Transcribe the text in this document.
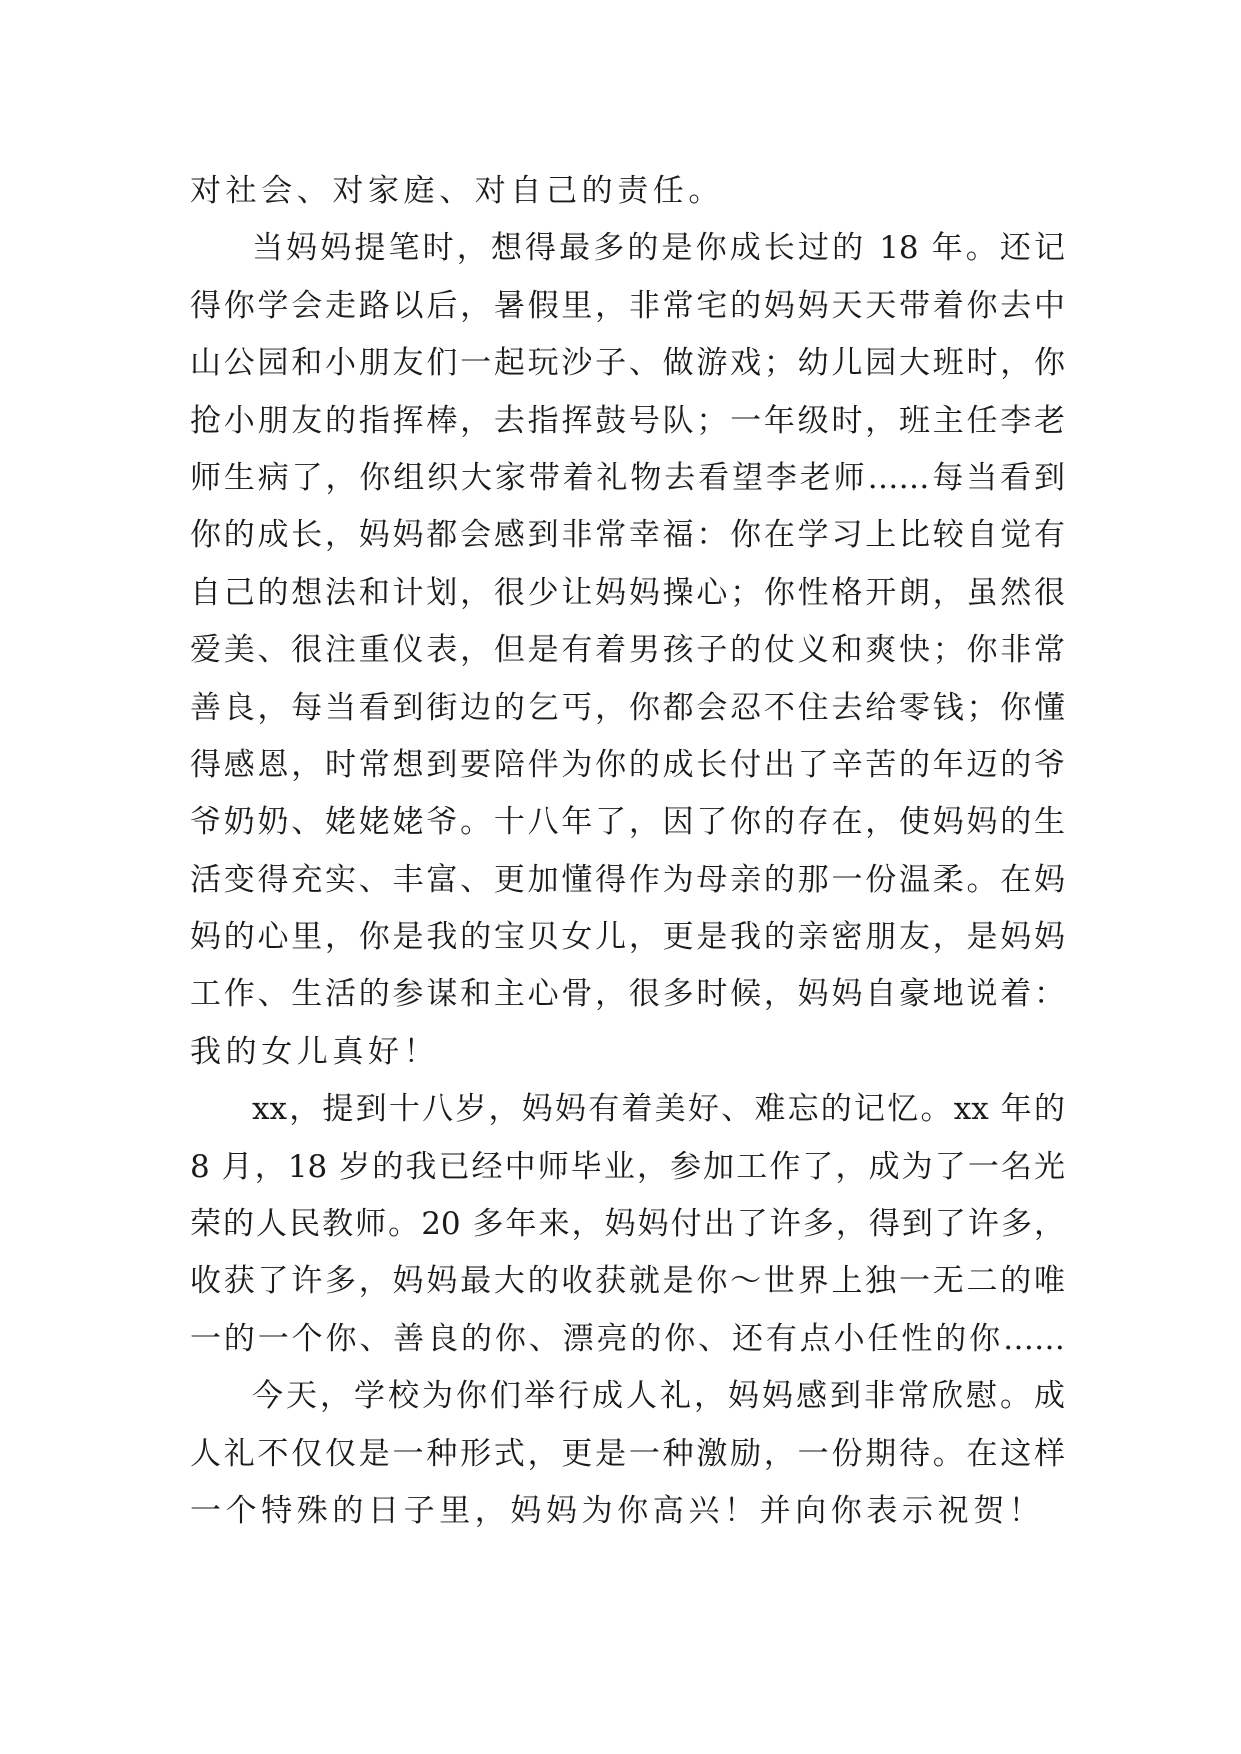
对社会、对家庭、对自己的责任。
当妈妈提笔时，想得最多的是你成长过的 18 年。还记
得你学会走路以后，暑假里，非常宅的妈妈天天带着你去中
山公园和小朋友们一起玩沙子、做游戏；幼儿园大班时，你
抢小朋友的指挥棒，去指挥鼓号队；一年级时，班主任李老
师生病了，你组织大家带着礼物去看望李老师……每当看到
你的成长，妈妈都会感到非常幸福：你在学习上比较自觉有
自己的想法和计划，很少让妈妈操心；你性格开朗，虽然很
爱美、很注重仪表，但是有着男孩子的仗义和爽快；你非常
善良，每当看到街边的乞丐，你都会忍不住去给零钱；你懂
得感恩，时常想到要陪伴为你的成长付出了辛苦的年迈的爷
爷奶奶、姥姥姥爷。十八年了，因了你的存在，使妈妈的生
活变得充实、丰富、更加懂得作为母亲的那一份温柔。在妈
妈的心里，你是我的宝贝女儿，更是我的亲密朋友，是妈妈
工作、生活的参谋和主心骨，很多时候，妈妈自豪地说着：
我的女儿真好！
xx，提到十八岁，妈妈有着美好、难忘的记忆。xx 年的
8 月，18 岁的我已经中师毕业，参加工作了，成为了一名光
荣的人民教师。20 多年来，妈妈付出了许多，得到了许多，
收获了许多，妈妈最大的收获就是你～世界上独一无二的唯
一的一个你、善良的你、漂亮的你、还有点小任性的你……
今天，学校为你们举行成人礼，妈妈感到非常欣慰。成
人礼不仅仅是一种形式，更是一种激励，一份期待。在这样
一个特殊的日子里，妈妈为你高兴！并向你表示祝贺！
